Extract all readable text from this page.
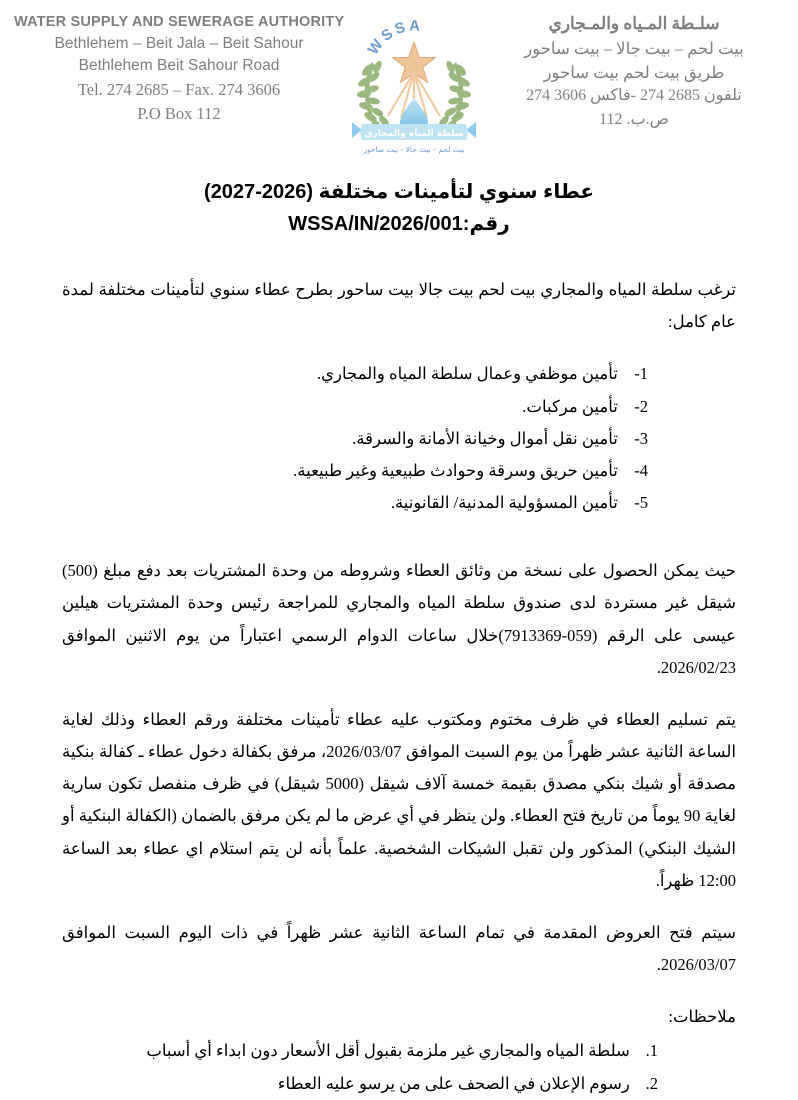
WATER SUPPLY AND SEWERAGE AUTHORITY
Bethlehem – Beit Jala – Beit Sahour
Bethlehem Beit Sahour Road
Tel. 274 2685 – Fax. 274 3606
P.O Box 112
WSSA
سلطة المياه والمجاري
بيت لحم - بيت جالا - بيت ساحور
سلـطة المـياه والمـجاري
بيت لحم – بيت جالا – بيت ساحور
طريق بيت لحم بيت ساحور
تلفون 2685 274 -فاكس 3606 274
ص.ب. 112
عطاء سنوي لتأمينات مختلفة (2026-2027)
رقم:WSSA/IN/2026/001

ترغب سلطة المياه والمجاري بيت لحم بيت جالا بيت ساحور بطرح عطاء سنوي لتأمينات مختلفة لمدة عام كامل:

1- تأمين موظفي وعمال سلطة المياه والمجاري.
2- تأمين مركبات.
3- تأمين نقل أموال وخيانة الأمانة والسرقة.
4- تأمين حريق وسرقة وحوادث طبيعية وغير طبيعية.
5- تأمين المسؤولية المدنية/ القانونية.

حيث يمكن الحصول على نسخة من وثائق العطاء وشروطه من وحدة المشتريات بعد دفع مبلغ (500) شيقل غير مستردة لدى صندوق سلطة المياه والمجاري للمراجعة رئيس وحدة المشتريات هيلين عيسى على الرقم (059-7913369)خلال ساعات الدوام الرسمي اعتباراً من يوم الاثنين الموافق 2026/02/23.

يتم تسليم العطاء في ظرف مختوم ومكتوب عليه عطاء تأمينات مختلفة ورقم العطاء وذلك لغاية الساعة الثانية عشر ظهراً من يوم السبت الموافق 2026/03/07، مرفق بكفالة دخول عطاء ـ كفالة بنكية مصدقة أو شيك بنكي مصدق بقيمة خمسة آلاف شيقل (5000 شيقل) في ظرف منفصل تكون سارية لغاية 90 يوماً من تاريخ فتح العطاء. ولن ينظر في أي عرض ما لم يكن مرفق بالضمان (الكفالة البنكية أو الشيك البنكي) المذكور ولن تقبل الشيكات الشخصية. علماً بأنه لن يتم استلام اي عطاء بعد الساعة 12:00 ظهراً.

سيتم فتح العروض المقدمة في تمام الساعة الثانية عشر ظهراً في ذات اليوم السبت الموافق 2026/03/07.

ملاحظات:

1. سلطة المياه والمجاري غير ملزمة بقبول أقل الأسعار دون ابداء أي أسباب
2. رسوم الإعلان في الصحف على من يرسو عليه العطاء
